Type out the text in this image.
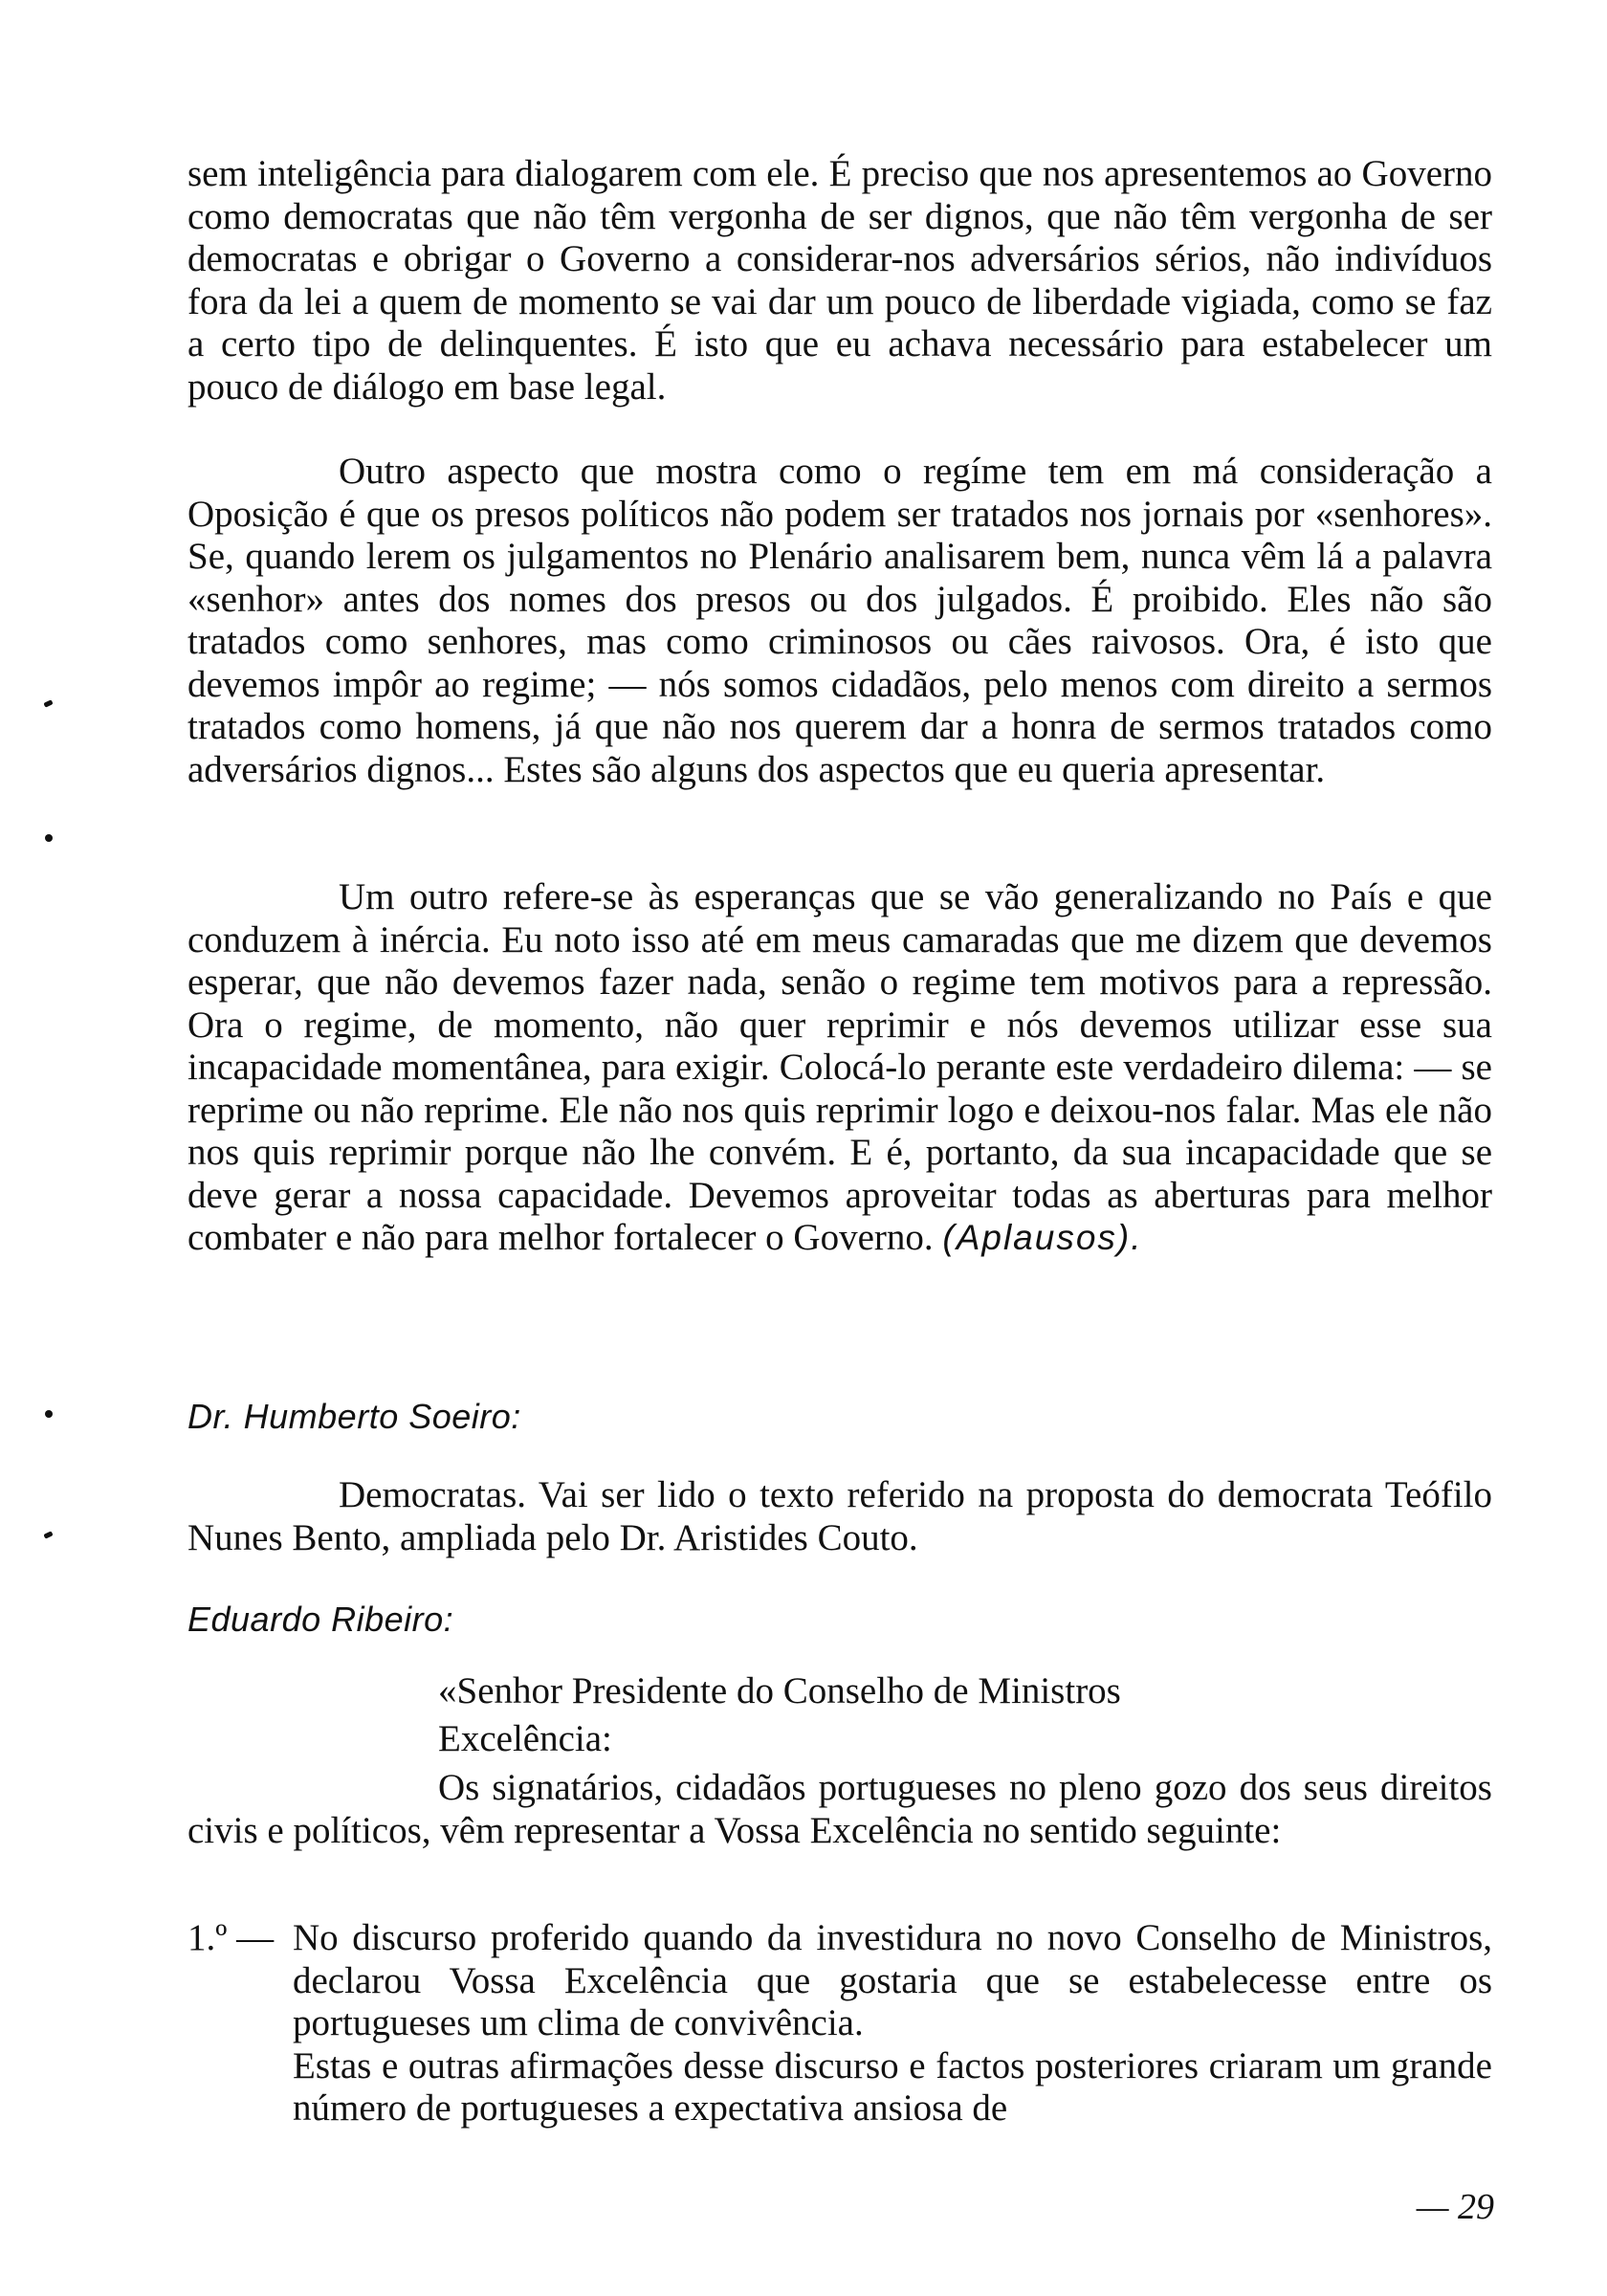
sem inteligência para dialogarem com ele. É preciso que nos apresentemos ao Governo como democratas que não têm vergonha de ser dignos, que não têm vergonha de ser democratas e obrigar o Governo a considerar-nos adversários sérios, não indivíduos fora da lei a quem de momento se vai dar um pouco de liberdade vigiada, como se faz a certo tipo de delinquentes. É isto que eu achava necessário para estabelecer um pouco de diálogo em base legal.

Outro aspecto que mostra como o regíme tem em má consideração a Oposição é que os presos políticos não podem ser tratados nos jornais por «senhores». Se, quando lerem os julgamentos no Plenário analisarem bem, nunca vêm lá a palavra «senhor» antes dos nomes dos presos ou dos julgados. É proibido. Eles não são tratados como senhores, mas como criminosos ou cães raivosos. Ora, é isto que devemos impôr ao regime; — nós somos cidadãos, pelo menos com direito a sermos tratados como homens, já que não nos querem dar a honra de sermos tratados como adversários dignos... Estes são alguns dos aspectos que eu queria apresentar.

Um outro refere-se às esperanças que se vão generalizando no País e que conduzem à inércia. Eu noto isso até em meus camaradas que me dizem que devemos esperar, que não devemos fazer nada, senão o regime tem motivos para a repressão. Ora o regime, de momento, não quer reprimir e nós devemos utilizar esse sua incapacidade momentânea, para exigir. Colocá-lo perante este verdadeiro dilema: — se reprime ou não reprime. Ele não nos quis reprimir logo e deixou-nos falar. Mas ele não nos quis reprimir porque não lhe convém. E é, portanto, da sua incapacidade que se deve gerar a nossa capacidade. Devemos aproveitar todas as aberturas para melhor combater e não para melhor fortalecer o Governo. (Aplausos).

Dr. Humberto Soeiro:

Democratas. Vai ser lido o texto referido na proposta do democrata Teófilo Nunes Bento, ampliada pelo Dr. Aristides Couto.

Eduardo Ribeiro:
«Senhor Presidente do Conselho de Ministros
Excelência:

Os signatários, cidadãos portugueses no pleno gozo dos seus direitos civis e políticos, vêm representar a Vossa Excelência no sentido seguinte:

1.º — No discurso proferido quando da investidura no novo Conselho de Ministros, declarou Vossa Excelência que gostaria que se estabelecesse entre os portugueses um clima de convivência.

Estas e outras afirmações desse discurso e factos posteriores criaram um grande número de portugueses a expectativa ansiosa de

— 29
